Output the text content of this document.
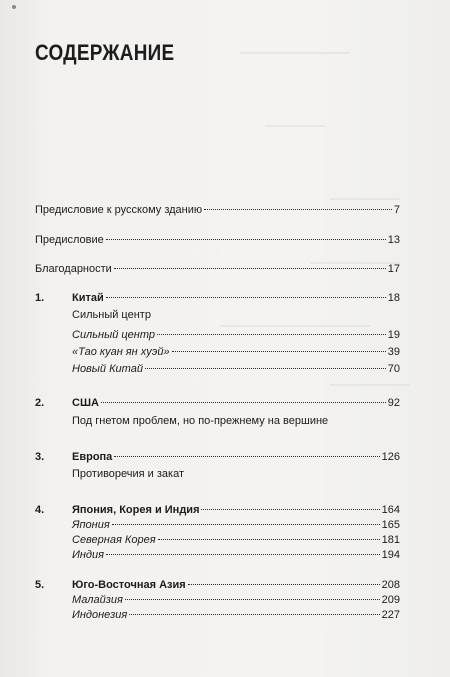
СОДЕРЖАНИЕ
Предисловие к русскому зданию	7
Предисловие	13
Благодарности	17
1.	Китай	18
Сильный центр
Сильный центр	19
«Тао куан ян хуэй»	39
Новый Китай	70
2.	США	92
Под гнетом проблем, но по-прежнему на вершине
3.	Европа	126
Противоречия и закат
4.	Япония, Корея и Индия	164
Япония	165
Северная Корея	181
Индия	194
5.	Юго-Восточная Азия	208
Малайзия	209
Индонезия	227
